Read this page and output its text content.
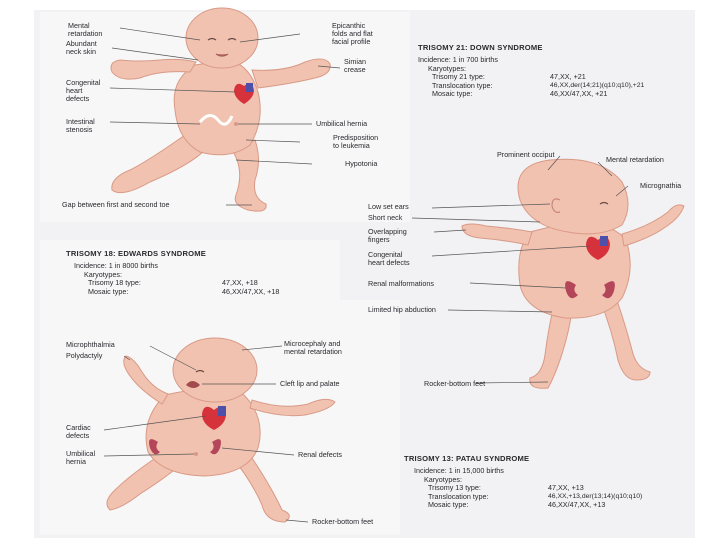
Mental
retardation
Abundant
neck skin
Epicanthic
folds and flat
facial profile
Simian
crease
Congenital
heart
defects
Intestinal
stenosis
Umbilical hernia
Predisposition
to leukemia
Hypotonia
Gap between first and second toe
TRISOMY 21: DOWN SYNDROME
Incidence: 1 in 700 births
Karyotypes:
Trisomy 21 type:	47,XX, +21
Translocation type:	46,XX,der(14;21)(q10;q10),+21
Mosaic type:	46,XX/47,XX, +21
Prominent occiput
Mental retardation
Micrognathia
Low set ears
Short neck
Overlapping
fingers
Congenital
heart defects
Renal malformations
Limited hip abduction
Rocker-bottom feet
TRISOMY 18: EDWARDS SYNDROME
Incidence: 1 in 8000 births
Karyotypes:
Trisomy 18 type:	47,XX, +18
Mosaic type:	46,XX/47,XX, +18
Microphthalmia
Polydactyly
Microcephaly and
mental retardation
Cleft lip and palate
Cardiac
defects
Umbilical
hernia
Renal defects
Rocker-bottom feet
TRISOMY 13: PATAU SYNDROME
Incidence: 1 in 15,000 births
Karyotypes:
Trisomy 13 type:	47,XX, +13
Translocation type:	46,XX,+13,der(13;14)(q10;q10)
Mosaic type:	46,XX/47,XX, +13
